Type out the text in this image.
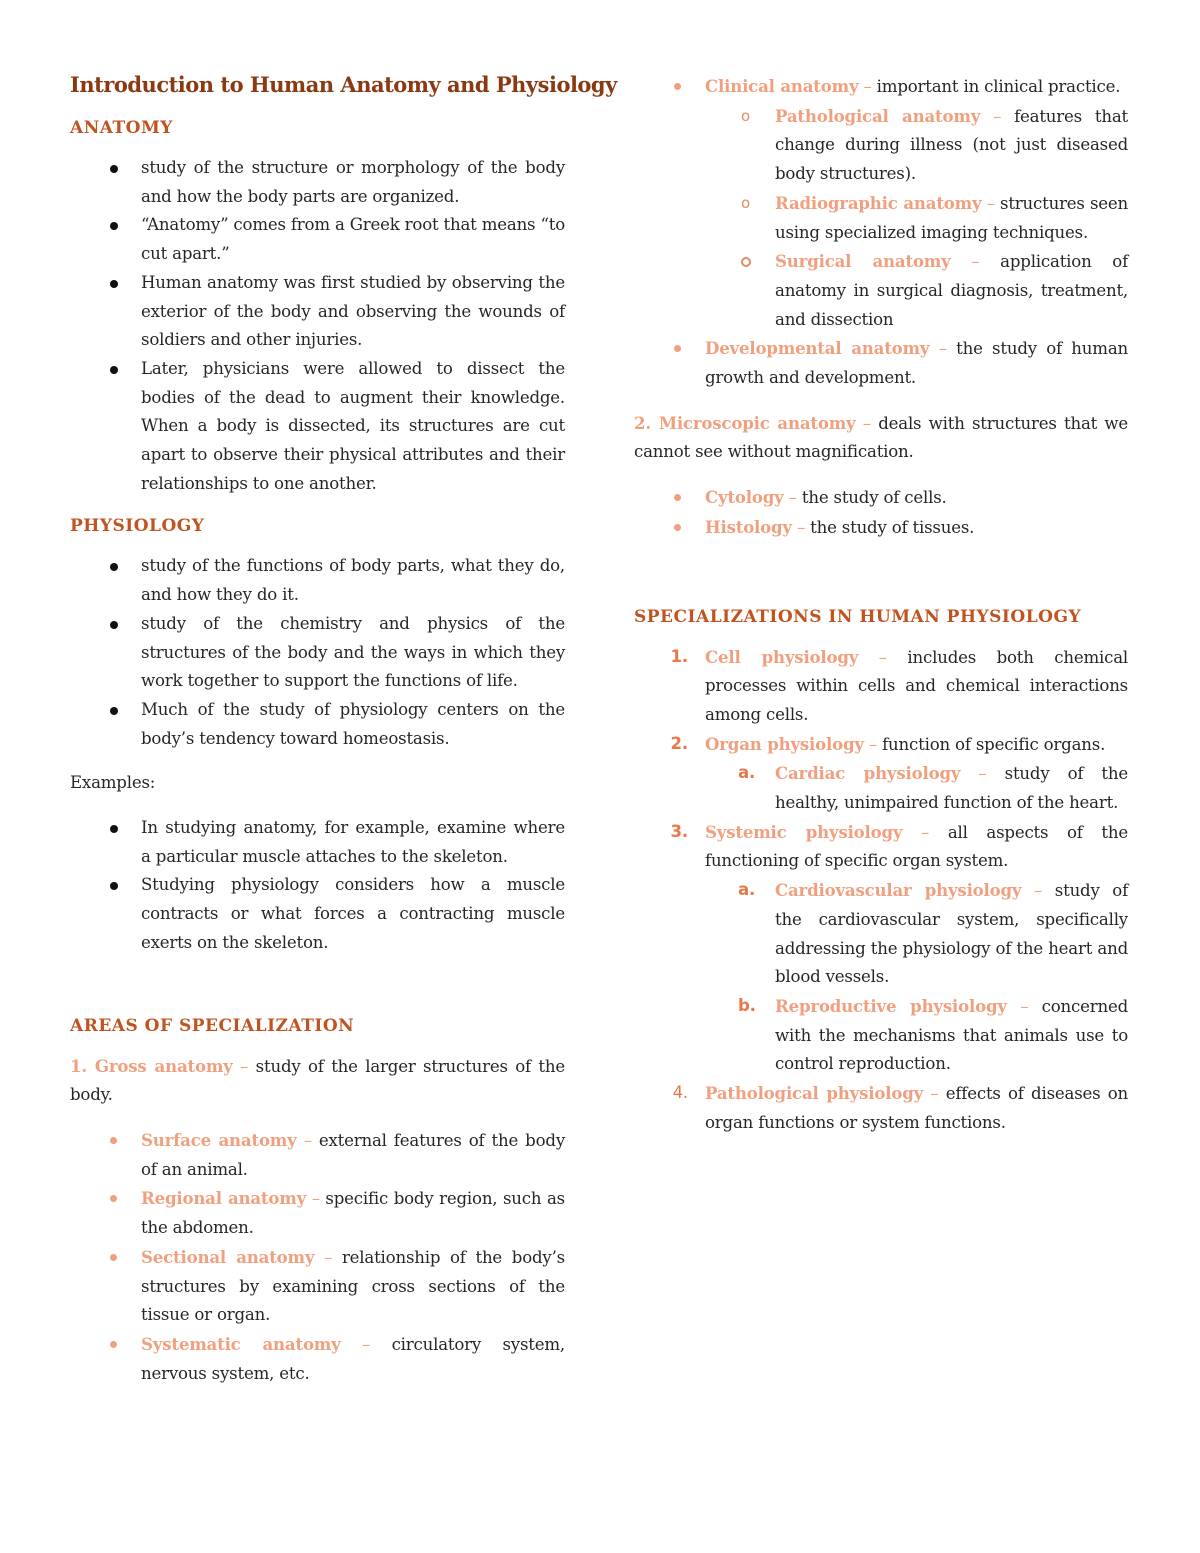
Introduction to Human Anatomy and Physiology
ANATOMY
study of the structure or morphology of the body and how the body parts are organized.
“Anatomy” comes from a Greek root that means “to cut apart.”
Human anatomy was first studied by observing the exterior of the body and observing the wounds of soldiers and other injuries.
Later, physicians were allowed to dissect the bodies of the dead to augment their knowledge. When a body is dissected, its structures are cut apart to observe their physical attributes and their relationships to one another.
PHYSIOLOGY
study of the functions of body parts, what they do, and how they do it.
study of the chemistry and physics of the structures of the body and the ways in which they work together to support the functions of life.
Much of the study of physiology centers on the body’s tendency toward homeostasis.
Examples:
In studying anatomy, for example, examine where a particular muscle attaches to the skeleton.
Studying physiology considers how a muscle contracts or what forces a contracting muscle exerts on the skeleton.
AREAS OF SPECIALIZATION
1. Gross anatomy – study of the larger structures of the body.
Surface anatomy – external features of the body of an animal.
Regional anatomy – specific body region, such as the abdomen.
Sectional anatomy – relationship of the body’s structures by examining cross sections of the tissue or organ.
Systematic anatomy – circulatory system, nervous system, etc.
Clinical anatomy – important in clinical practice.
o Pathological anatomy – features that change during illness (not just diseased body structures).
o Radiographic anatomy – structures seen using specialized imaging techniques.
Surgical anatomy – application of anatomy in surgical diagnosis, treatment, and dissection
Developmental anatomy – the study of human growth and development.
2. Microscopic anatomy – deals with structures that we cannot see without magnification.
Cytology – the study of cells.
Histology – the study of tissues.
SPECIALIZATIONS IN HUMAN PHYSIOLOGY
1. Cell physiology – includes both chemical processes within cells and chemical interactions among cells.
2. Organ physiology – function of specific organs.
a. Cardiac physiology – study of the healthy, unimpaired function of the heart.
3. Systemic physiology – all aspects of the functioning of specific organ system.
a. Cardiovascular physiology – study of the cardiovascular system, specifically addressing the physiology of the heart and blood vessels.
b. Reproductive physiology – concerned with the mechanisms that animals use to control reproduction.
4. Pathological physiology – effects of diseases on organ functions or system functions.
